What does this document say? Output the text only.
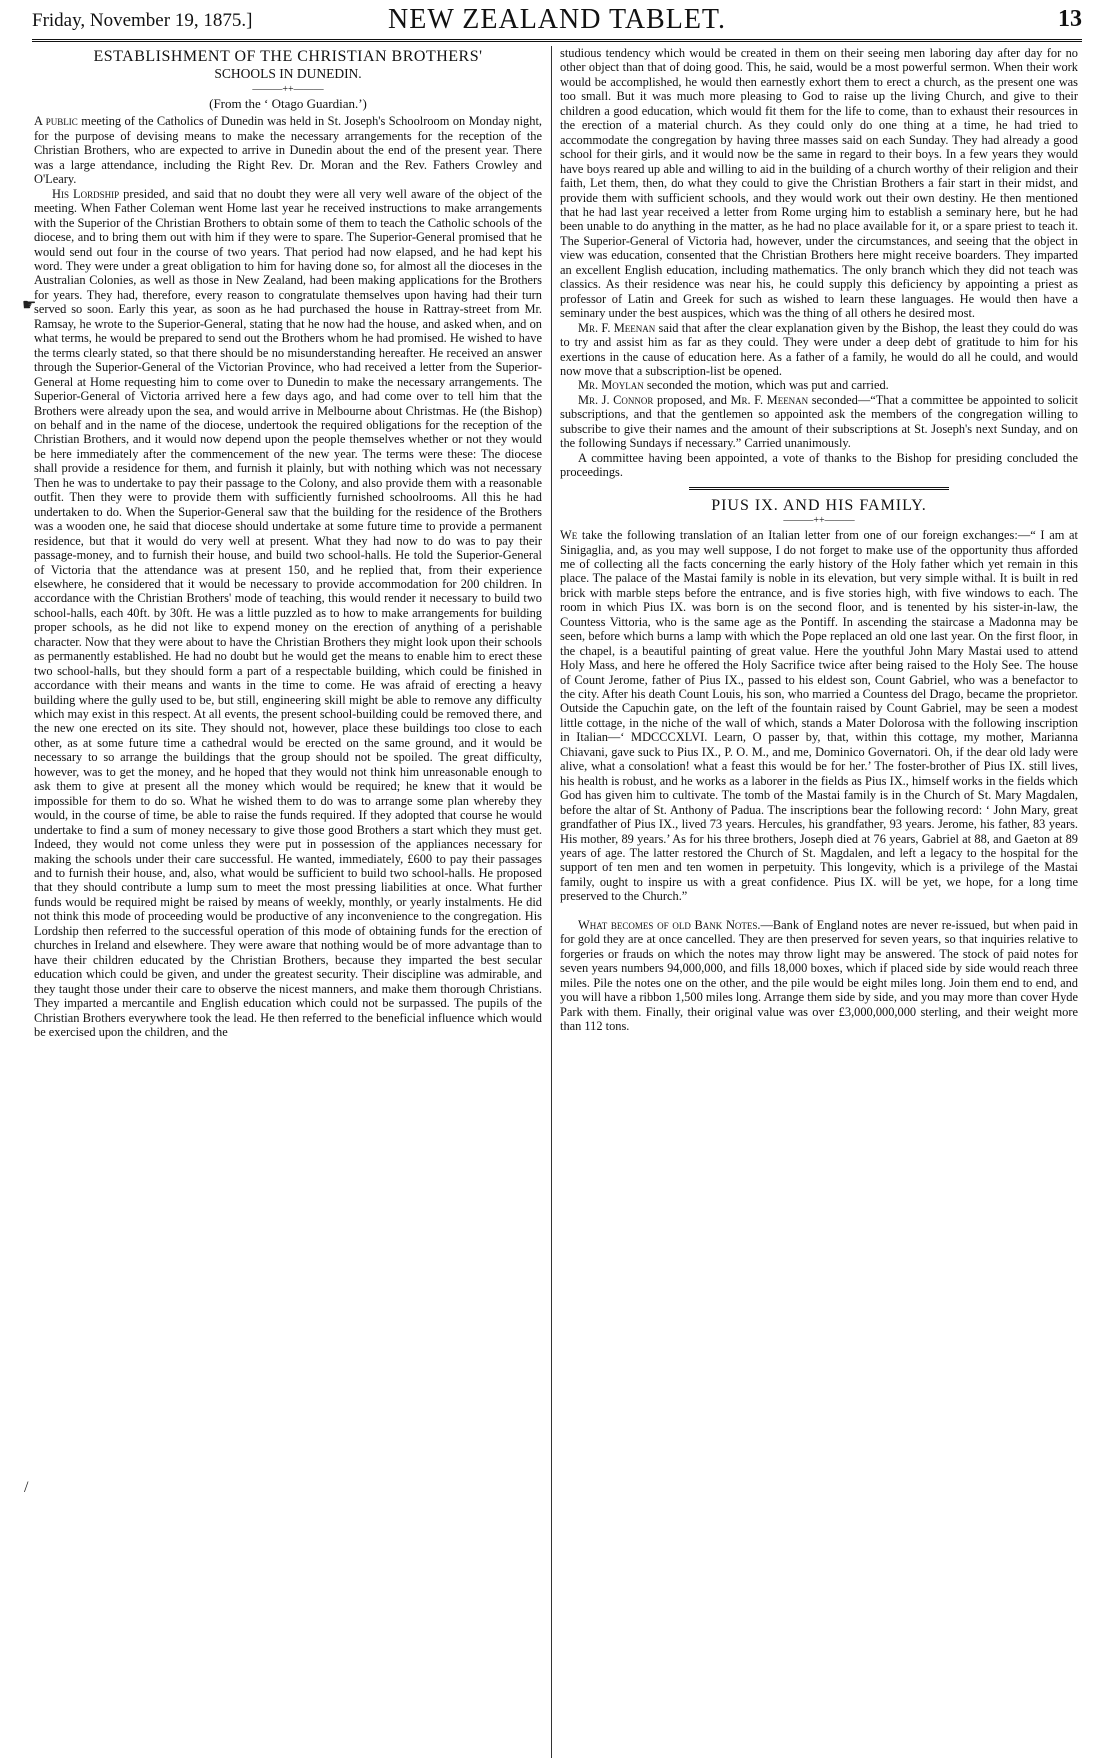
Friday, November 19, 1875.]	NEW ZEALAND TABLET.	13
ESTABLISHMENT OF THE CHRISTIAN BROTHERS'
SCHOOLS IN DUNEDIN.
———++———
(From the ‘ Otago Guardian.’)

A public meeting of the Catholics of Dunedin was held in St. Joseph's Schoolroom on Monday night, for the purpose of devising means to make the necessary arrangements for the reception of the Christian Brothers, who are expected to arrive in Dunedin about the end of the present year. There was a large attendance, including the Right Rev. Dr. Moran and the Rev. Fathers Crowley and O'Leary.

His Lordship presided, and said that no doubt they were all very well aware of the object of the meeting. When Father Coleman went Home last year he received instructions to make arrangements with the Superior of the Christian Brothers to obtain some of them to teach the Catholic schools of the diocese, and to bring them out with him if they were to spare. The Superior-General promised that he would send out four in the course of two years. That period had now elapsed, and he had kept his word. They were under a great obligation to him for having done so, for almost all the dioceses in the Australian Colonies, as well as those in New Zealand, had been making applications for the Brothers for years. They had, therefore, every reason to congratulate themselves upon having had their turn served so soon. Early this year, as soon as he had purchased the house in Rattray-street from Mr. Ramsay, he wrote to the Superior-General, stating that he now had the house, and asked when, and on what terms, he would be prepared to send out the Brothers whom he had promised. He wished to have the terms clearly stated, so that there should be no misunderstanding hereafter. He received an answer through the Superior-General of the Victorian Province, who had received a letter from the Superior-General at Home requesting him to come over to Dunedin to make the necessary arrangements. The Superior-General of Victoria arrived here a few days ago, and had come over to tell him that the Brothers were already upon the sea, and would arrive in Melbourne about Christmas. He (the Bishop) on behalf and in the name of the diocese, undertook the required obligations for the reception of the Christian Brothers, and it would now depend upon the people themselves whether or not they would be here immediately after the commencement of the new year. The terms were these: The diocese shall provide a residence for them, and furnish it plainly, but with nothing which was not necessary Then he was to undertake to pay their passage to the Colony, and also provide them with a reasonable outfit. Then they were to provide them with sufficiently furnished schoolrooms. All this he had undertaken to do. When the Superior-General saw that the building for the residence of the Brothers was a wooden one, he said that diocese should undertake at some future time to provide a permanent residence, but that it would do very well at present. What they had now to do was to pay their passage-money, and to furnish their house, and build two school-halls. He told the Superior-General of Victoria that the attendance was at present 150, and he replied that, from their experience elsewhere, he considered that it would be necessary to provide accommodation for 200 children. In accordance with the Christian Brothers' mode of teaching, this would render it necessary to build two school-halls, each 40ft. by 30ft. He was a little puzzled as to how to make arrangements for building proper schools, as he did not like to expend money on the erection of anything of a perishable character. Now that they were about to have the Christian Brothers they might look upon their schools as permanently established. He had no doubt but he would get the means to enable him to erect these two school-halls, but they should form a part of a respectable building, which could be finished in accordance with their means and wants in the time to come. He was afraid of erecting a heavy building where the gully used to be, but still, engineering skill might be able to remove any difficulty which may exist in this respect. At all events, the present school-building could be removed there, and the new one erected on its site. They should not, however, place these buildings too close to each other, as at some future time a cathedral would be erected on the same ground, and it would be necessary to so arrange the buildings that the group should not be spoiled. The great difficulty, however, was to get the money, and he hoped that they would not think him unreasonable enough to ask them to give at present all the money which would be required; he knew that it would be impossible for them to do so. What he wished them to do was to arrange some plan whereby they would, in the course of time, be able to raise the funds required. If they adopted that course he would undertake to find a sum of money necessary to give those good Brothers a start which they must get. Indeed, they would not come unless they were put in possession of the appliances necessary for making the schools under their care successful. He wanted, immediately, £600 to pay their passages and to furnish their house, and, also, what would be sufficient to build two school-halls. He proposed that they should contribute a lump sum to meet the most pressing liabilities at once. What further funds would be required might be raised by means of weekly, monthly, or yearly instalments. He did not think this mode of proceeding would be productive of any inconvenience to the congregation. His Lordship then referred to the successful operation of this mode of obtaining funds for the erection of churches in Ireland and elsewhere. They were aware that nothing would be of more advantage than to have their children educated by the Christian Brothers, because they imparted the best secular education which could be given, and under the greatest security. Their discipline was admirable, and they taught those under their care to observe the nicest manners, and make them thorough Christians. They imparted a mercantile and English education which could not be surpassed. The pupils of the Christian Brothers everywhere took the lead. He then referred to the beneficial influence which would be exercised upon the children, and the

studious tendency which would be created in them on their seeing men laboring day after day for no other object than that of doing good. This, he said, would be a most powerful sermon. When their work would be accomplished, he would then earnestly exhort them to erect a church, as the present one was too small. But it was much more pleasing to God to raise up the living Church, and give to their children a good education, which would fit them for the life to come, than to exhaust their resources in the erection of a material church. As they could only do one thing at a time, he had tried to accommodate the congregation by having three masses said on each Sunday. They had already a good school for their girls, and it would now be the same in regard to their boys. In a few years they would have boys reared up able and willing to aid in the building of a church worthy of their religion and their faith, Let them, then, do what they could to give the Christian Brothers a fair start in their midst, and provide them with sufficient schools, and they would work out their own destiny. He then mentioned that he had last year received a letter from Rome urging him to establish a seminary here, but he had been unable to do anything in the matter, as he had no place available for it, or a spare priest to teach it. The Superior-General of Victoria had, however, under the circumstances, and seeing that the object in view was education, consented that the Christian Brothers here might receive boarders. They imparted an excellent English education, including mathematics. The only branch which they did not teach was classics. As their residence was near his, he could supply this deficiency by appointing a priest as professor of Latin and Greek for such as wished to learn these languages. He would then have a seminary under the best auspices, which was the thing of all others he desired most.

Mr. F. Meenan said that after the clear explanation given by the Bishop, the least they could do was to try and assist him as far as they could. They were under a deep debt of gratitude to him for his exertions in the cause of education here. As a father of a family, he would do all he could, and would now move that a subscription-list be opened.

Mr. Moylan seconded the motion, which was put and carried.

Mr. J. Connor proposed, and Mr. F. Meenan seconded—“That a committee be appointed to solicit subscriptions, and that the gentlemen so appointed ask the members of the congregation willing to subscribe to give their names and the amount of their subscriptions at St. Joseph's next Sunday, and on the following Sundays if necessary.” Carried unanimously.

A committee having been appointed, a vote of thanks to the Bishop for presiding concluded the proceedings.

PIUS IX. AND HIS FAMILY.
———++———

We take the following translation of an Italian letter from one of our foreign exchanges:—“ I am at Sinigaglia, and, as you may well suppose, I do not forget to make use of the opportunity thus afforded me of collecting all the facts concerning the early history of the Holy father which yet remain in this place. The palace of the Mastai family is noble in its elevation, but very simple withal. It is built in red brick with marble steps before the entrance, and is five stories high, with five windows to each. The room in which Pius IX. was born is on the second floor, and is tenented by his sister-in-law, the Countess Vittoria, who is the same age as the Pontiff. In ascending the staircase a Madonna may be seen, before which burns a lamp with which the Pope replaced an old one last year. On the first floor, in the chapel, is a beautiful painting of great value. Here the youthful John Mary Mastai used to attend Holy Mass, and here he offered the Holy Sacrifice twice after being raised to the Holy See. The house of Count Jerome, father of Pius IX., passed to his eldest son, Count Gabriel, who was a benefactor to the city. After his death Count Louis, his son, who married a Countess del Drago, became the proprietor. Outside the Capuchin gate, on the left of the fountain raised by Count Gabriel, may be seen a modest little cottage, in the niche of the wall of which, stands a Mater Dolorosa with the following inscription in Italian—‘ MDCCCXLVI. Learn, O passer by, that, within this cottage, my mother, Marianna Chiavani, gave suck to Pius IX., P. O. M., and me, Dominico Governatori. Oh, if the dear old lady were alive, what a consolation! what a feast this would be for her.’ The foster-brother of Pius IX. still lives, his health is robust, and he works as a laborer in the fields as Pius IX., himself works in the fields which God has given him to cultivate. The tomb of the Mastai family is in the Church of St. Mary Magdalen, before the altar of St. Anthony of Padua. The inscriptions bear the following record: ‘ John Mary, great grandfather of Pius IX., lived 73 years. Hercules, his grandfather, 93 years. Jerome, his father, 83 years. His mother, 89 years.’ As for his three brothers, Joseph died at 76 years, Gabriel at 88, and Gaeton at 89 years of age. The latter restored the Church of St. Magdalen, and left a legacy to the hospital for the support of ten men and ten women in perpetuity. This longevity, which is a privilege of the Mastai family, ought to inspire us with a great confidence. Pius IX. will be yet, we hope, for a long time preserved to the Church.”

What becomes of old Bank Notes.—Bank of England notes are never re-issued, but when paid in for gold they are at once cancelled. They are then preserved for seven years, so that inquiries relative to forgeries or frauds on which the notes may throw light may be answered. The stock of paid notes for seven years numbers 94,000,000, and fills 18,000 boxes, which if placed side by side would reach three miles. Pile the notes one on the other, and the pile would be eight miles long. Join them end to end, and you will have a ribbon 1,500 miles long. Arrange them side by side, and you may more than cover Hyde Park with them. Finally, their original value was over £3,000,000,000 sterling, and their weight more than 112 tons.

☛
/
